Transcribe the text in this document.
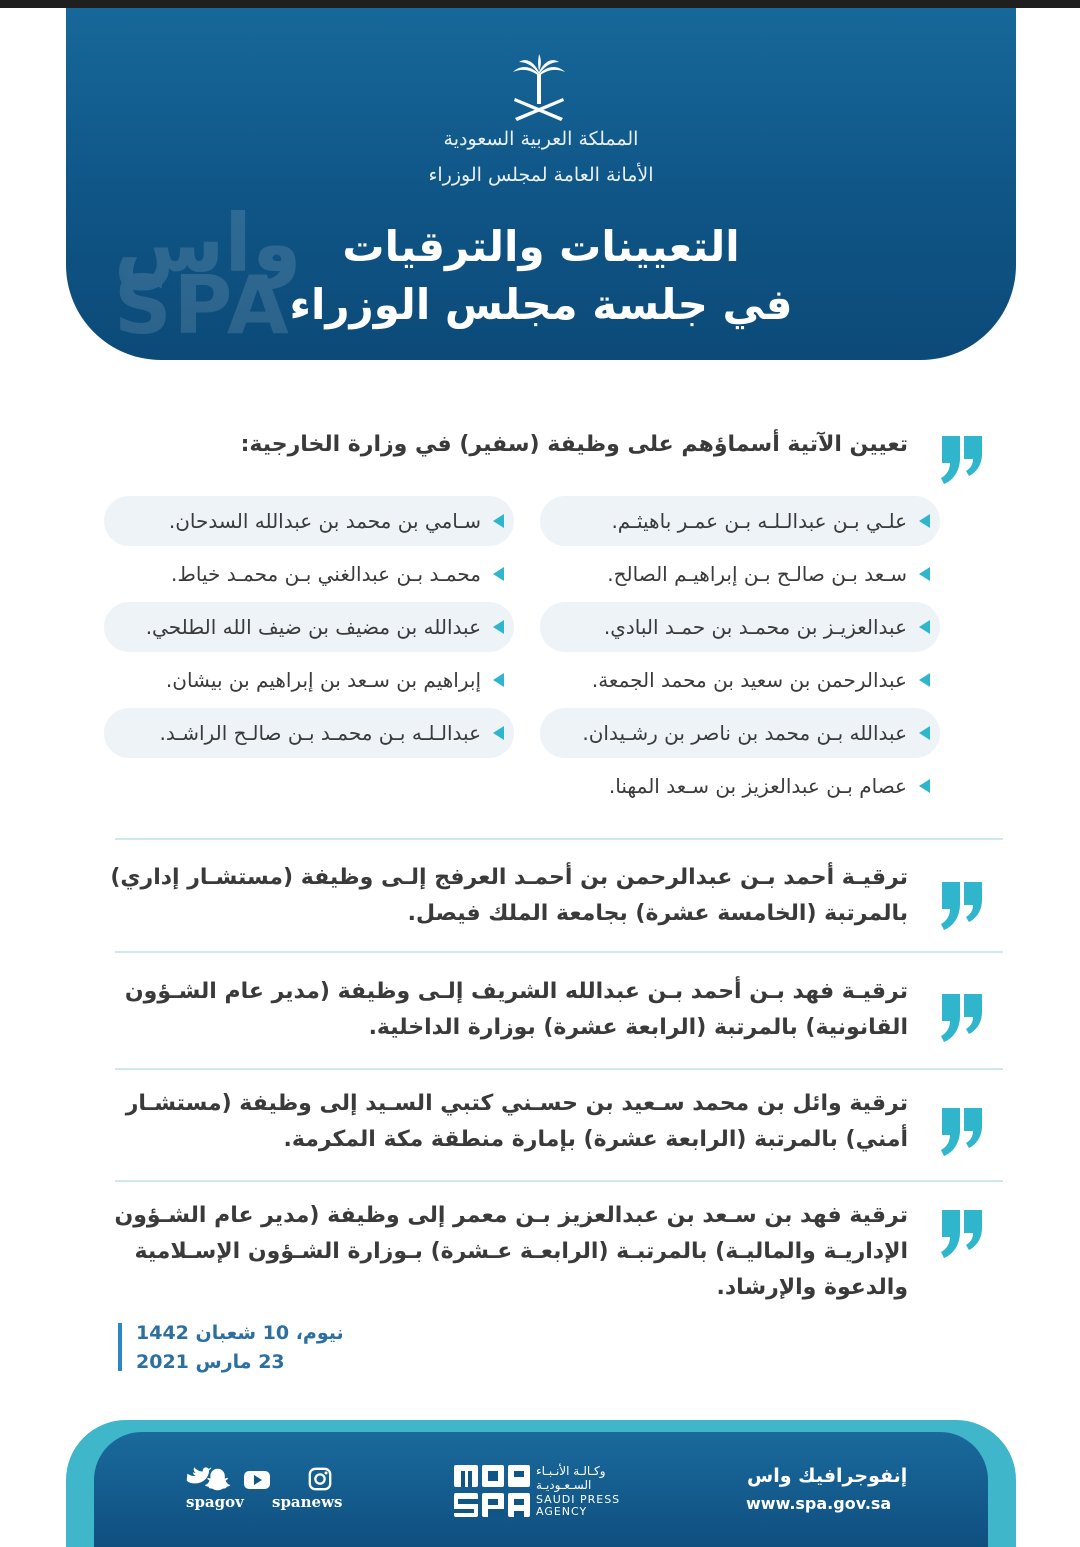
واس SPA
المملكة العربية السعودية
الأمانة العامة لمجلس الوزراء
التعيينات والترقيات
في جلسة مجلس الوزراء
تعيين الآتية أسماؤهم على وظيفة (سفير) في وزارة الخارجية:
علـي بـن عبدالـلـه بـن عمـر باهيثـم.
سـعد بـن صالـح بـن إبراهيـم الصالح.
عبدالعزيـز بن محمـد بن حمـد البادي.
عبدالرحمن بن سعيد بن محمد الجمعة.
عبدالله بـن محمد بن ناصر بن رشـيدان.
عصام بـن عبدالعزيز بن سـعد المهنا.
سـامي بن محمد بن عبدالله السدحان.
محمـد بـن عبدالغني بـن محمـد خياط.
عبدالله بن مضيف بن ضيف الله الطلحي.
إبراهيم بن سـعد بن إبراهيم بن بيشان.
عبدالـلـه بـن محمـد بـن صالـح الراشـد.
ترقيـة أحمد بـن عبدالرحمن بن أحمـد العرفج إلـى وظيفة (مستشـار إداري)
بالمرتبة (الخامسة عشرة) بجامعة الملك فيصل.
ترقيـة فهد بـن أحمد بـن عبدالله الشريف إلـى وظيفة (مدير عام الشـؤون
القانونية) بالمرتبة (الرابعة عشرة) بوزارة الداخلية.
ترقية وائل بن محمد سـعيد بن حسـني كتبي السـيد إلى وظيفة (مستشـار
أمني) بالمرتبة (الرابعة عشرة) بإمارة منطقة مكة المكرمة.
ترقية فهد بن سـعد بن عبدالعزيز بـن معمر إلى وظيفة (مدير عام الشـؤون
الإداريـة والماليـة) بالمرتبـة (الرابعـة عـشرة) بـوزارة الشـؤون الإسـلامية
والدعوة والإرشاد.
نيوم، 10 شعبان 1442
23 مارس 2021
إنفوجرافيك واس
www.spa.gov.sa
وكـالـة الأنـبـاء السـعـوديـة
SAUDI PRESS AGENCY
spagov spanews
